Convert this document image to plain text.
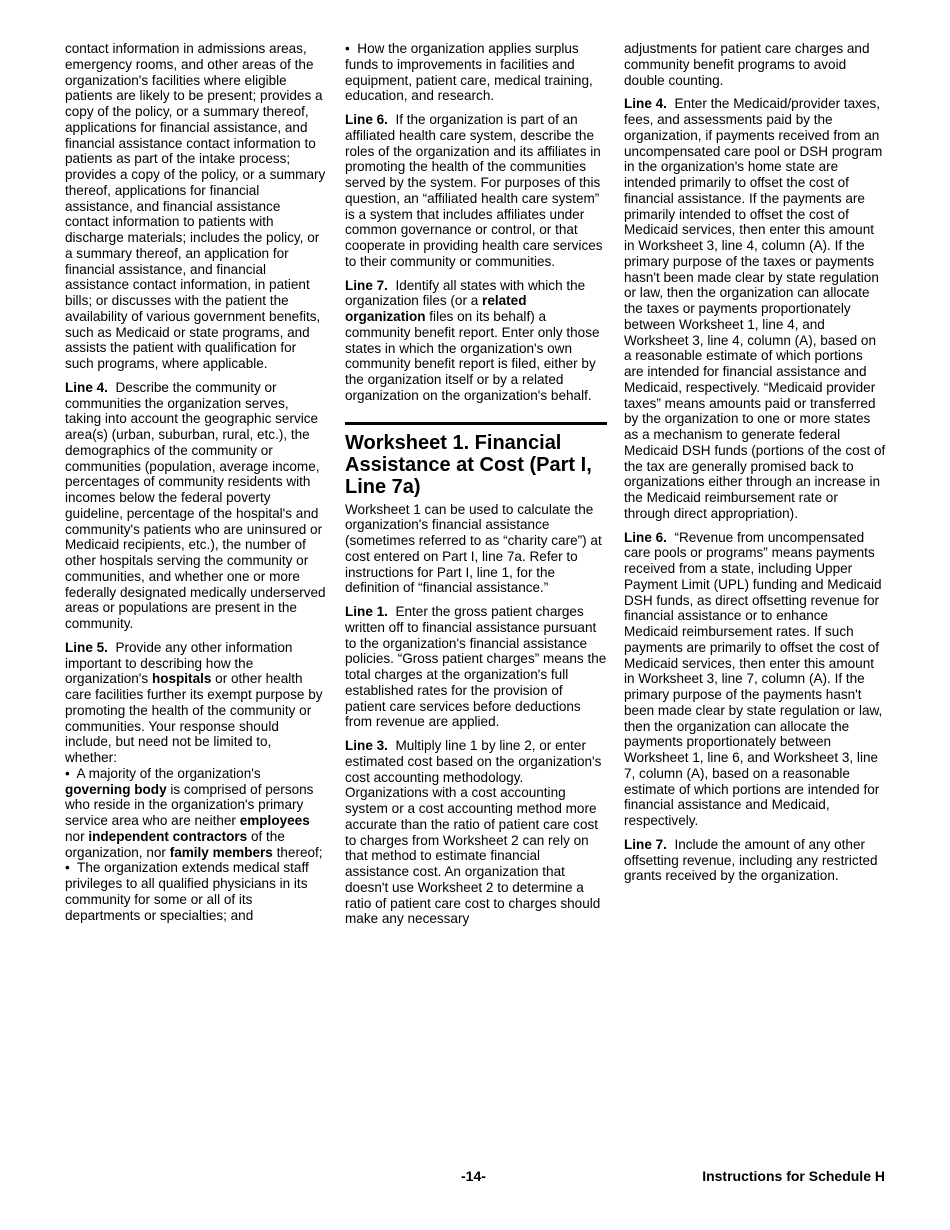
contact information in admissions areas, emergency rooms, and other areas of the organization's facilities where eligible patients are likely to be present; provides a copy of the policy, or a summary thereof, applications for financial assistance, and financial assistance contact information to patients as part of the intake process; provides a copy of the policy, or a summary thereof, applications for financial assistance, and financial assistance contact information to patients with discharge materials; includes the policy, or a summary thereof, an application for financial assistance, and financial assistance contact information, in patient bills; or discusses with the patient the availability of various government benefits, such as Medicaid or state programs, and assists the patient with qualification for such programs, where applicable.

Line 4. Describe the community or communities the organization serves, taking into account the geographic service area(s) (urban, suburban, rural, etc.), the demographics of the community or communities (population, average income, percentages of community residents with incomes below the federal poverty guideline, percentage of the hospital's and community's patients who are uninsured or Medicaid recipients, etc.), the number of other hospitals serving the community or communities, and whether one or more federally designated medically underserved areas or populations are present in the community.

Line 5. Provide any other information important to describing how the organization's hospitals or other health care facilities further its exempt purpose by promoting the health of the community or communities. Your response should include, but need not be limited to, whether:

• A majority of the organization's governing body is comprised of persons who reside in the organization's primary service area who are neither employees nor independent contractors of the organization, nor family members thereof;

• The organization extends medical staff privileges to all qualified physicians in its community for some or all of its departments or specialties; and

• How the organization applies surplus funds to improvements in facilities and equipment, patient care, medical training, education, and research.

Line 6. If the organization is part of an affiliated health care system, describe the roles of the organization and its affiliates in promoting the health of the communities served by the system. For purposes of this question, an “affiliated health care system” is a system that includes affiliates under common governance or control, or that cooperate in providing health care services to their community or communities.

Line 7. Identify all states with which the organization files (or a related organization files on its behalf) a community benefit report. Enter only those states in which the organization's own community benefit report is filed, either by the organization itself or by a related organization on the organization's behalf.

Worksheet 1. Financial Assistance at Cost (Part I, Line 7a)

Worksheet 1 can be used to calculate the organization's financial assistance (sometimes referred to as “charity care”) at cost entered on Part I, line 7a. Refer to instructions for Part I, line 1, for the definition of “financial assistance.”

Line 1. Enter the gross patient charges written off to financial assistance pursuant to the organization's financial assistance policies. “Gross patient charges” means the total charges at the organization's full established rates for the provision of patient care services before deductions from revenue are applied.

Line 3. Multiply line 1 by line 2, or enter estimated cost based on the organization's cost accounting methodology. Organizations with a cost accounting system or a cost accounting method more accurate than the ratio of patient care cost to charges from Worksheet 2 can rely on that method to estimate financial assistance cost. An organization that doesn't use Worksheet 2 to determine a ratio of patient care cost to charges should make any necessary

adjustments for patient care charges and community benefit programs to avoid double counting.

Line 4. Enter the Medicaid/provider taxes, fees, and assessments paid by the organization, if payments received from an uncompensated care pool or DSH program in the organization's home state are intended primarily to offset the cost of financial assistance. If the payments are primarily intended to offset the cost of Medicaid services, then enter this amount in Worksheet 3, line 4, column (A). If the primary purpose of the taxes or payments hasn't been made clear by state regulation or law, then the organization can allocate the taxes or payments proportionately between Worksheet 1, line 4, and Worksheet 3, line 4, column (A), based on a reasonable estimate of which portions are intended for financial assistance and Medicaid, respectively. “Medicaid provider taxes” means amounts paid or transferred by the organization to one or more states as a mechanism to generate federal Medicaid DSH funds (portions of the cost of the tax are generally promised back to organizations either through an increase in the Medicaid reimbursement rate or through direct appropriation).

Line 6. “Revenue from uncompensated care pools or programs” means payments received from a state, including Upper Payment Limit (UPL) funding and Medicaid DSH funds, as direct offsetting revenue for financial assistance or to enhance Medicaid reimbursement rates. If such payments are primarily to offset the cost of Medicaid services, then enter this amount in Worksheet 3, line 7, column (A). If the primary purpose of the payments hasn't been made clear by state regulation or law, then the organization can allocate the payments proportionately between Worksheet 1, line 6, and Worksheet 3, line 7, column (A), based on a reasonable estimate of which portions are intended for financial assistance and Medicaid, respectively.

Line 7. Include the amount of any other offsetting revenue, including any restricted grants received by the organization.

-14-	Instructions for Schedule H
